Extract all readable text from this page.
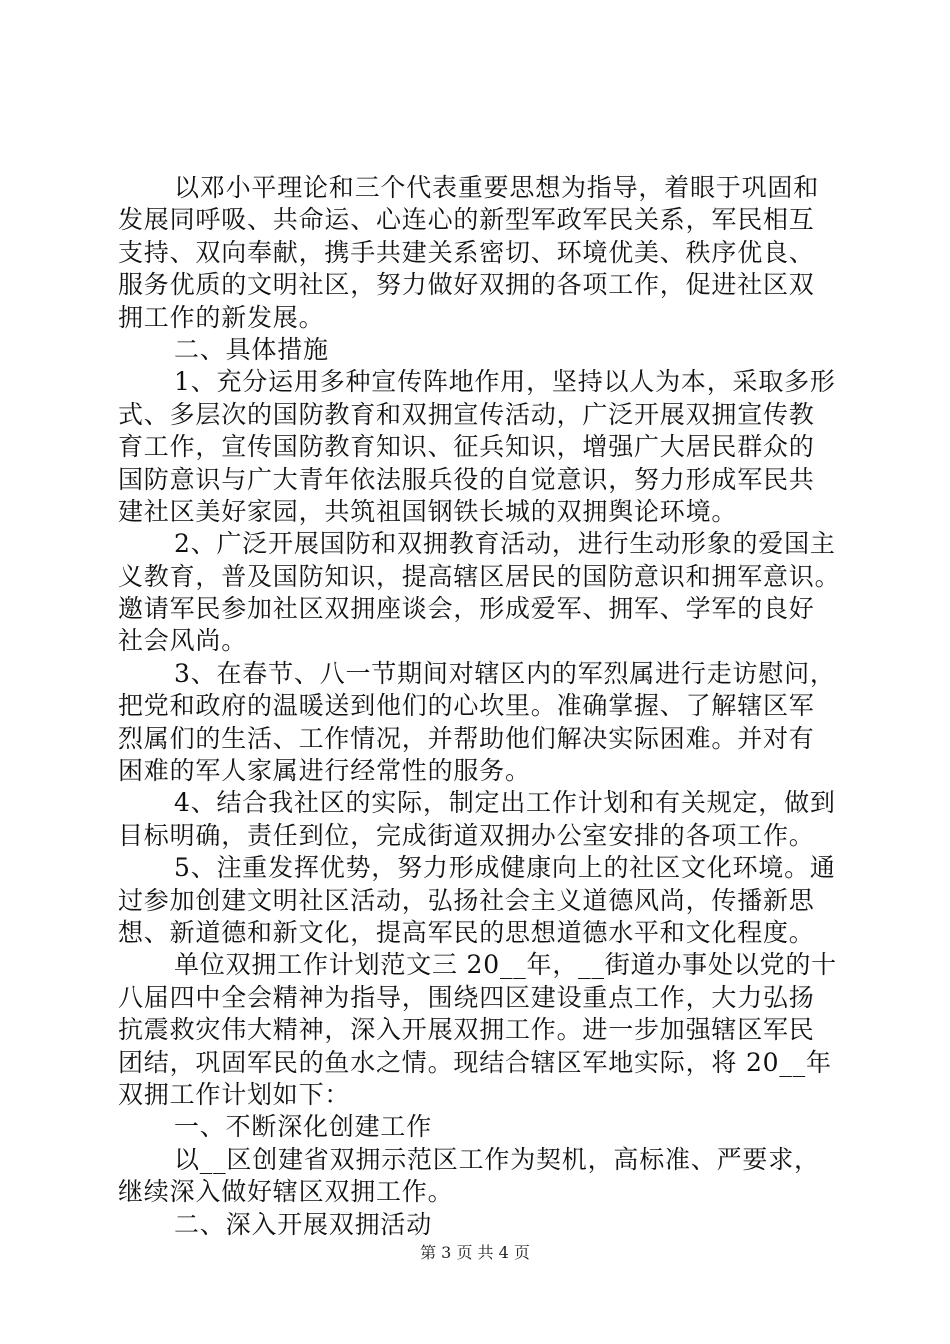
以邓小平理论和三个代表重要思想为指导，着眼于巩固和
发展同呼吸、共命运、心连心的新型军政军民关系，军民相互
支持、双向奉献，携手共建关系密切、环境优美、秩序优良、
服务优质的文明社区，努力做好双拥的各项工作，促进社区双
拥工作的新发展。
二、具体措施
1、充分运用多种宣传阵地作用，坚持以人为本，采取多形
式、多层次的国防教育和双拥宣传活动，广泛开展双拥宣传教
育工作，宣传国防教育知识、征兵知识，增强广大居民群众的
国防意识与广大青年依法服兵役的自觉意识，努力形成军民共
建社区美好家园，共筑祖国钢铁长城的双拥舆论环境。
2、广泛开展国防和双拥教育活动，进行生动形象的爱国主
义教育，普及国防知识，提高辖区居民的国防意识和拥军意识。
邀请军民参加社区双拥座谈会，形成爱军、拥军、学军的良好
社会风尚。
3、在春节、八一节期间对辖区内的军烈属进行走访慰问，
把党和政府的温暖送到他们的心坎里。准确掌握、了解辖区军
烈属们的生活、工作情况，并帮助他们解决实际困难。并对有
困难的军人家属进行经常性的服务。
4、结合我社区的实际，制定出工作计划和有关规定，做到
目标明确，责任到位，完成街道双拥办公室安排的各项工作。
5、注重发挥优势，努力形成健康向上的社区文化环境。通
过参加创建文明社区活动，弘扬社会主义道德风尚，传播新思
想、新道德和新文化，提高军民的思想道德水平和文化程度。
单位双拥工作计划范文三 20__年，__街道办事处以党的十
八届四中全会精神为指导，围绕四区建设重点工作，大力弘扬
抗震救灾伟大精神，深入开展双拥工作。进一步加强辖区军民
团结，巩固军民的鱼水之情。现结合辖区军地实际，将 20__年
双拥工作计划如下：
一、不断深化创建工作
以__区创建省双拥示范区工作为契机，高标准、严要求，
继续深入做好辖区双拥工作。
二、深入开展双拥活动
第 3 页 共 4 页
